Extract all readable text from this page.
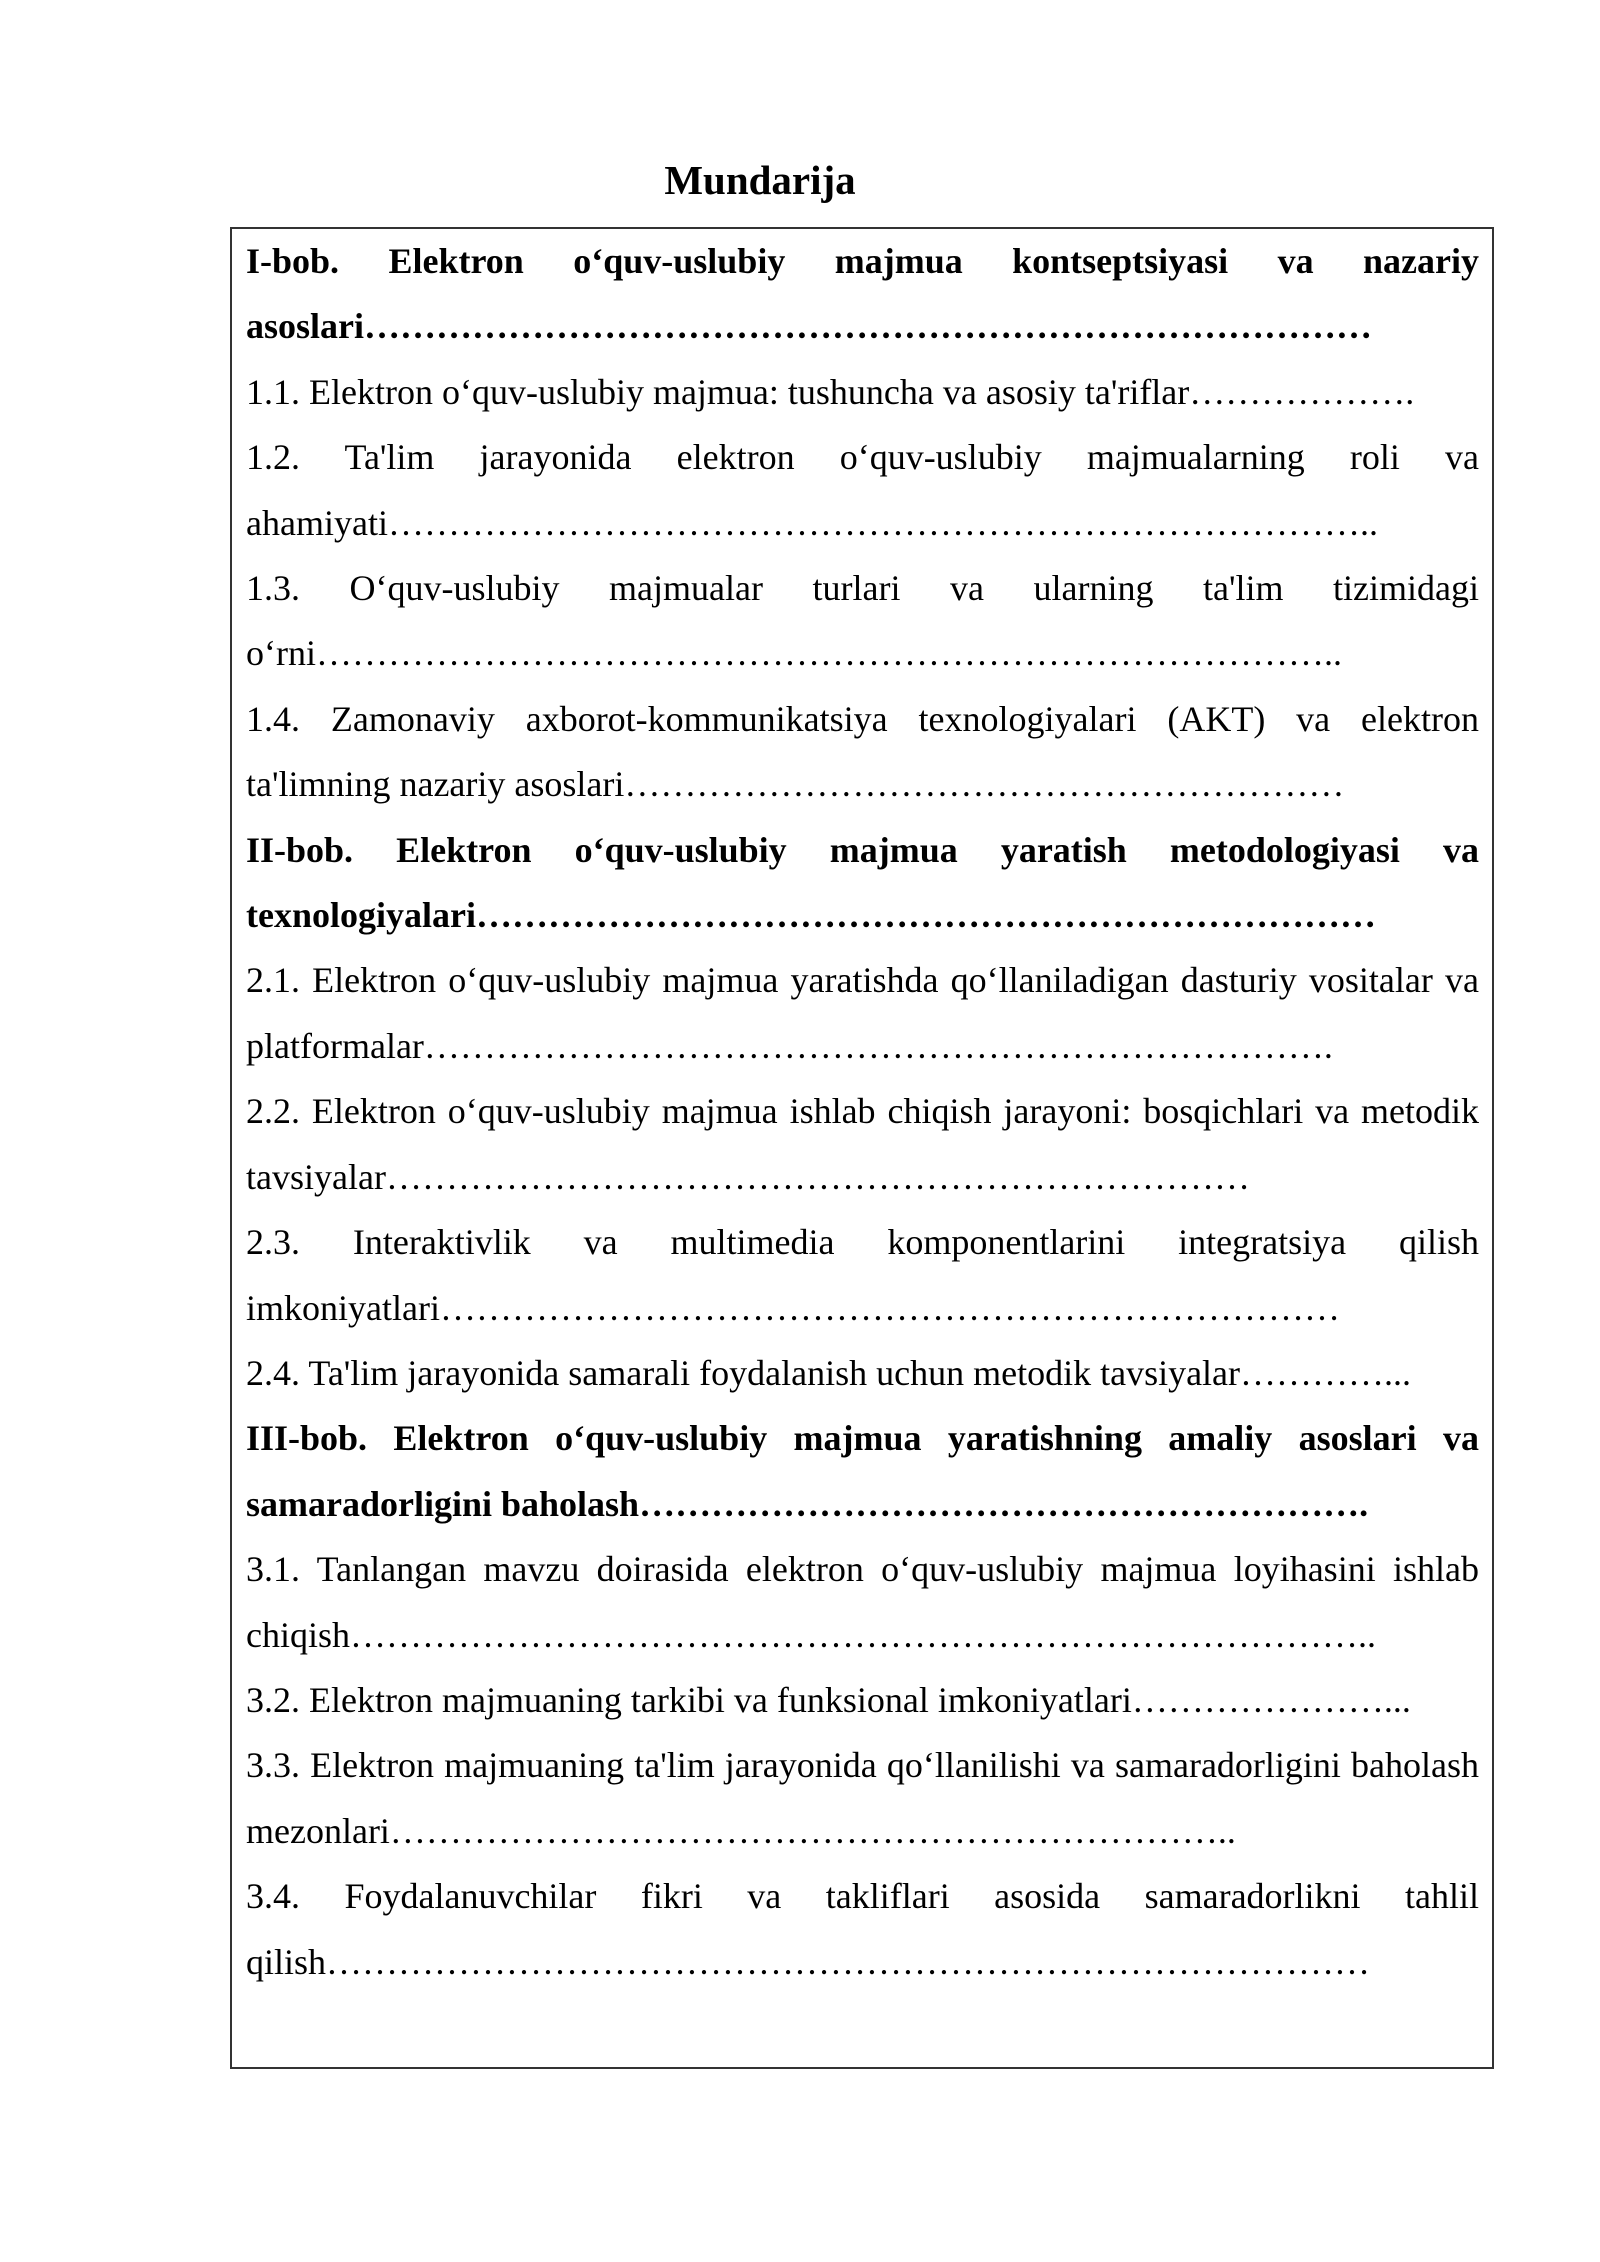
Mundarija
I-bob. Elektron o‘quv-uslubiy majmua kontseptsiyasi va nazariy asoslari…………………………………………………………………………
1.1. Elektron o‘quv-uslubiy majmua: tushuncha va asosiy ta'riflar……………….
1.2. Ta'lim jarayonida elektron o‘quv-uslubiy majmualarning roli va ahamiyati………………………………………………………………………..
1.3. O‘quv-uslubiy majmualar turlari va ularning ta'lim tizimidagi o‘rni…………………………………………………………………………..
1.4. Zamonaviy axborot-kommunikatsiya texnologiyalari (AKT) va elektron ta'limning nazariy asoslari……………………………………………………
II-bob. Elektron o‘quv-uslubiy majmua yaratish metodologiyasi va texnologiyalari…………………………………………………………………
2.1. Elektron o‘quv-uslubiy majmua yaratishda qo‘llaniladigan dasturiy vositalar va platformalar………………………………………………………………….
2.2. Elektron o‘quv-uslubiy majmua ishlab chiqish jarayoni: bosqichlari va metodik tavsiyalar………………………………………………………………
2.3. Interaktivlik va multimedia komponentlarini integratsiya qilish imkoniyatlari…………………………………………………………………
2.4. Ta'lim jarayonida samarali foydalanish uchun metodik tavsiyalar…………...
III-bob. Elektron o‘quv-uslubiy majmua yaratishning amaliy asoslari va samaradorligini baholash…………………………………………………….
3.1. Tanlangan mavzu doirasida elektron o‘quv-uslubiy majmua loyihasini ishlab chiqish…………………………………………………………………………..
3.2. Elektron majmuaning tarkibi va funksional imkoniyatlari…………………...
3.3. Elektron majmuaning ta'lim jarayonida qo‘llanilishi va samaradorligini baholash mezonlari……………………………………………………………..
3.4. Foydalanuvchilar fikri va takliflari asosida samaradorlikni tahlil qilish……………………………………………………………………………
